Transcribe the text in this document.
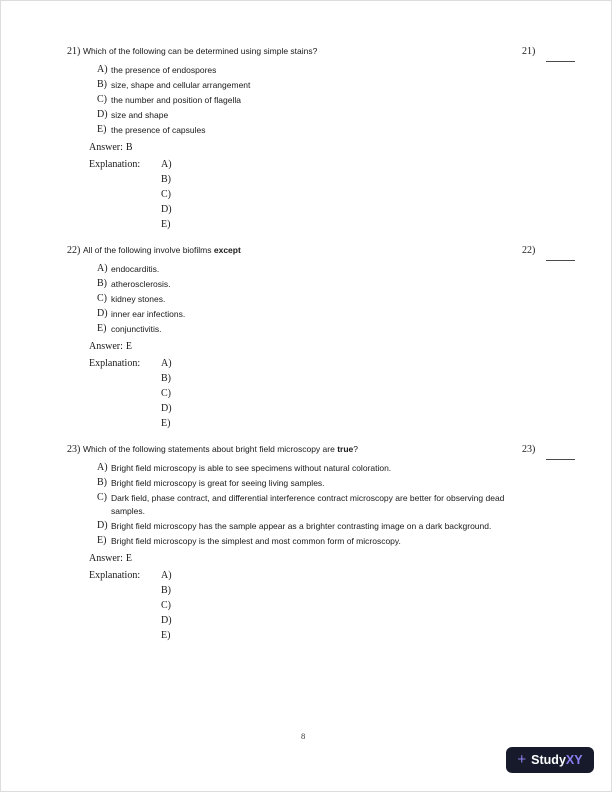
21) Which of the following can be determined using simple stains?
A) the presence of endospores
B) size, shape and cellular arrangement
C) the number and position of flagella
D) size and shape
E) the presence of capsules
Answer: B
Explanation:	A)
B)
C)
D)
E)
21)
22) All of the following involve biofilms except
A) endocarditis.
B) atherosclerosis.
C) kidney stones.
D) inner ear infections.
E) conjunctivitis.
Answer: E
Explanation:	A)
B)
C)
D)
E)
22)
23) Which of the following statements about bright field microscopy are true?
A) Bright field microscopy is able to see specimens without natural coloration.
B) Bright field microscopy is great for seeing living samples.
C) Dark field, phase contract, and differential interference contract microscopy are better for observing dead samples.
D) Bright field microscopy has the sample appear as a brighter contrasting image on a dark background.
E) Bright field microscopy is the simplest and most common form of microscopy.
Answer: E
Explanation:	A)
B)
C)
D)
E)
23)
8
+ StudyXY
